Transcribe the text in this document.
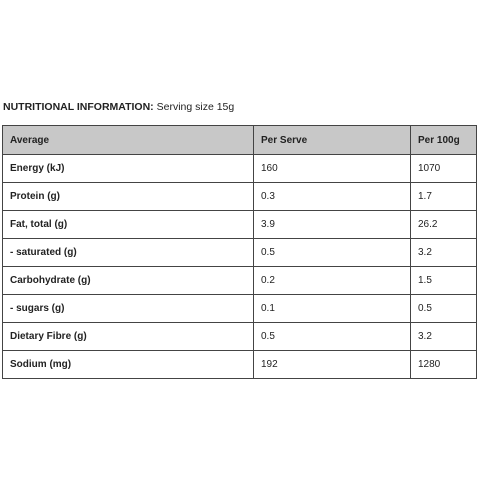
NUTRITIONAL INFORMATION: Serving size 15g
Average	Per Serve	Per 100g
Energy (kJ)	160	1070
Protein (g)	0.3	1.7
Fat, total (g)	3.9	26.2
- saturated (g)	0.5	3.2
Carbohydrate (g)	0.2	1.5
- sugars (g)	0.1	0.5
Dietary Fibre (g)	0.5	3.2
Sodium (mg)	192	1280
